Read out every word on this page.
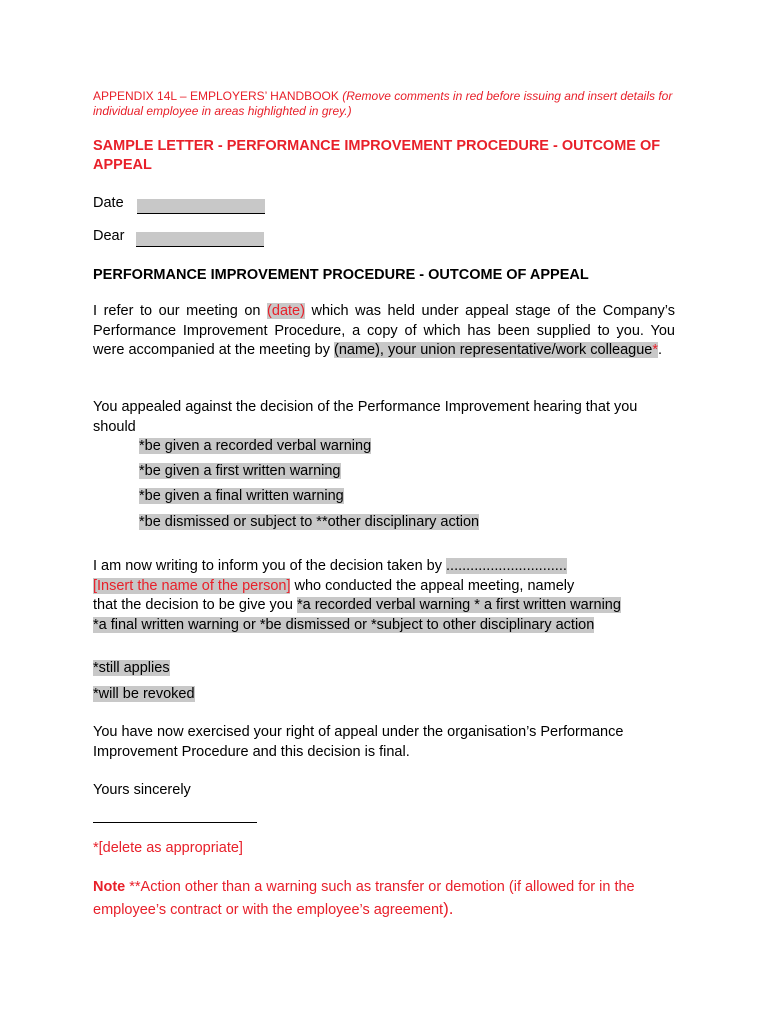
APPENDIX 14L – EMPLOYERS’ HANDBOOK (Remove comments in red before issuing and insert details for individual employee in areas highlighted in grey.)
SAMPLE LETTER - PERFORMANCE IMPROVEMENT PROCEDURE - OUTCOME OF APPEAL
Date
Dear
PERFORMANCE IMPROVEMENT PROCEDURE - OUTCOME OF APPEAL
I refer to our meeting on (date) which was held under appeal stage of the Company’s Performance Improvement Procedure, a copy of which has been supplied to you. You were accompanied at the meeting by (name), your union representative/work colleague*.
You appealed against the decision of the Performance Improvement hearing that you should
*be given a recorded verbal warning
*be given a first written warning
*be given a final written warning
*be dismissed or subject to **other disciplinary action
I am now writing to inform you of the decision taken by ..............................
[Insert the name of the person] who conducted the appeal meeting, namely
that the decision to be give you *a recorded verbal warning * a first written warning
*a final written warning or *be dismissed or *subject to other disciplinary action
*still applies
*will be revoked
You have now exercised your right of appeal under the organisation’s Performance Improvement Procedure and this decision is final.
Yours sincerely
*[delete as appropriate]
Note **Action other than a warning such as transfer or demotion (if allowed for in the employee’s contract or with the employee’s agreement).
